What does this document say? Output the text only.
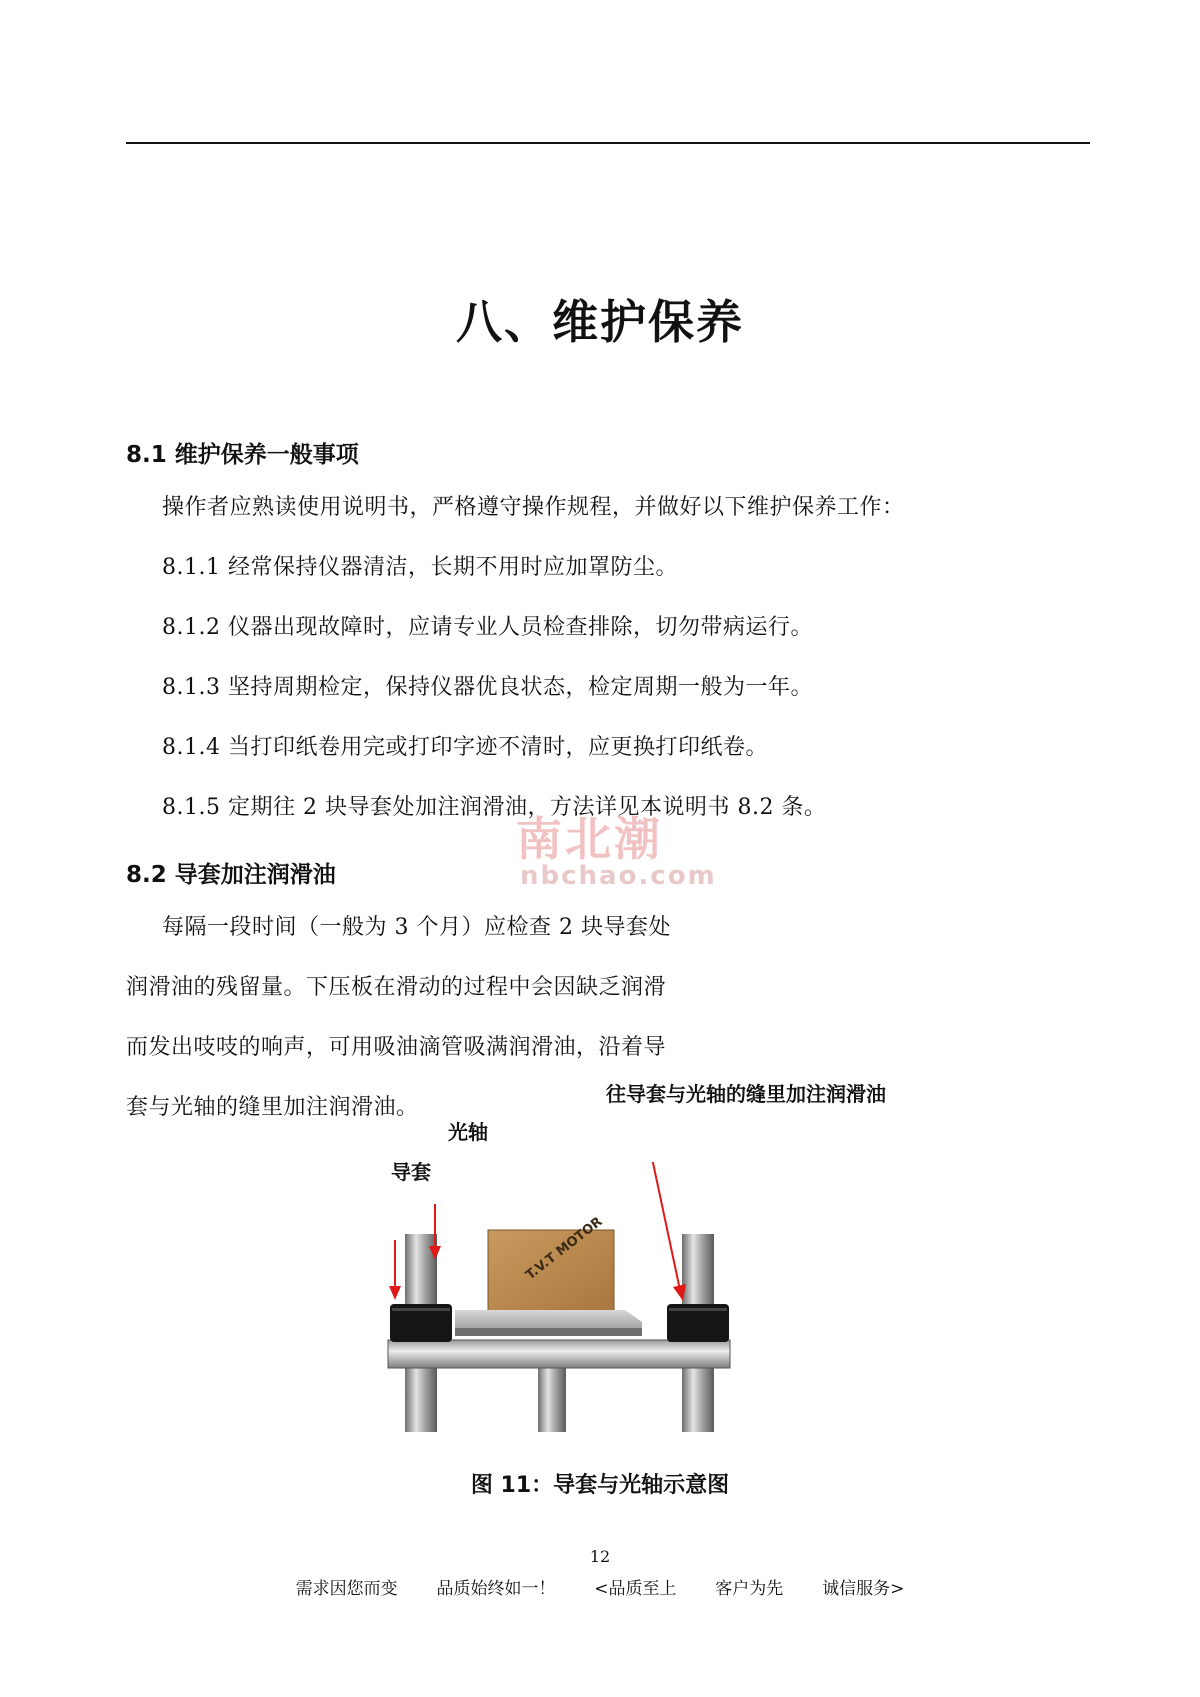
八、维护保养
8.1 维护保养一般事项
操作者应熟读使用说明书，严格遵守操作规程，并做好以下维护保养工作：
8.1.1 经常保持仪器清洁，长期不用时应加罩防尘。
8.1.2 仪器出现故障时，应请专业人员检查排除，切勿带病运行。
8.1.3 坚持周期检定，保持仪器优良状态，检定周期一般为一年。
8.1.4 当打印纸卷用完或打印字迹不清时，应更换打印纸卷。
8.1.5 定期往 2 块导套处加注润滑油，方法详见本说明书 8.2 条。
南北潮
nbchao.com
8.2 导套加注润滑油
每隔一段时间（一般为 3 个月）应检查 2 块导套处
润滑油的残留量。下压板在滑动的过程中会因缺乏润滑
而发出吱吱的响声，可用吸油滴管吸满润滑油，沿着导
套与光轴的缝里加注润滑油。
T.V.T MOTOR
导套
光轴
往导套与光轴的缝里加注润滑油
图 11：导套与光轴示意图
12
需求因您而变  品质始终如一！  <品质至上  客户为先  诚信服务>
